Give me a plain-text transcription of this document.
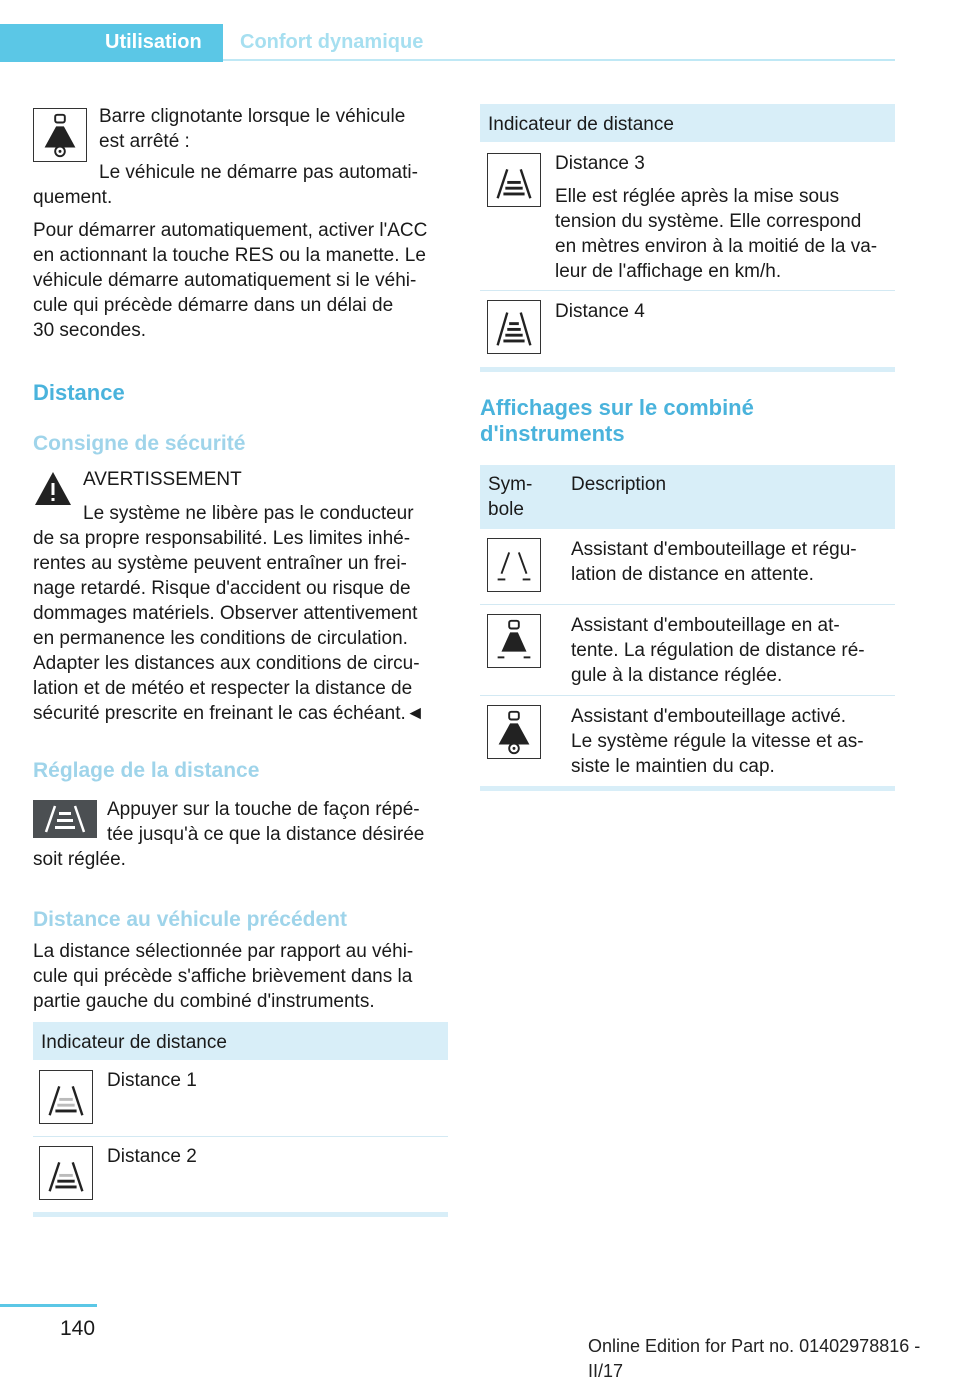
Utilisation Confort dynamique
Barre clignotante lorsque le véhicule
est arrêté :
Le véhicule ne démarre pas automati‐
quement.
Pour démarrer automatiquement, activer l'ACC
en actionnant la touche RES ou la manette. Le
véhicule démarre automatiquement si le véhi‐
cule qui précède démarre dans un délai de
30 secondes.
Distance
Consigne de sécurité
AVERTISSEMENT
Le système ne libère pas le conducteur
de sa propre responsabilité. Les limites inhé‐
rentes au système peuvent entraîner un frei‐
nage retardé. Risque d'accident ou risque de
dommages matériels. Observer attentivement
en permanence les conditions de circulation.
Adapter les distances aux conditions de circu‐
lation et de météo et respecter la distance de
sécurité prescrite en freinant le cas échéant.◄
Réglage de la distance
Appuyer sur la touche de façon répé‐
tée jusqu'à ce que la distance désirée
soit réglée.
Distance au véhicule précédent
La distance sélectionnée par rapport au véhi‐
cule qui précède s'affiche brièvement dans la
partie gauche du combiné d'instruments.
Indicateur de distance
Distance 1
Distance 2
Indicateur de distance
Distance 3
Elle est réglée après la mise sous
tension du système. Elle correspond
en mètres environ à la moitié de la va‐
leur de l'affichage en km/h.
Distance 4
Affichages sur le combiné
d'instruments
Sym‐
bole
Description
Assistant d'embouteillage et régu‐
lation de distance en attente.
Assistant d'embouteillage en at‐
tente. La régulation de distance ré‐
gule à la distance réglée.
Assistant d'embouteillage activé.
Le système régule la vitesse et as‐
siste le maintien du cap.
140
Online Edition for Part no. 01402978816 - II/17
